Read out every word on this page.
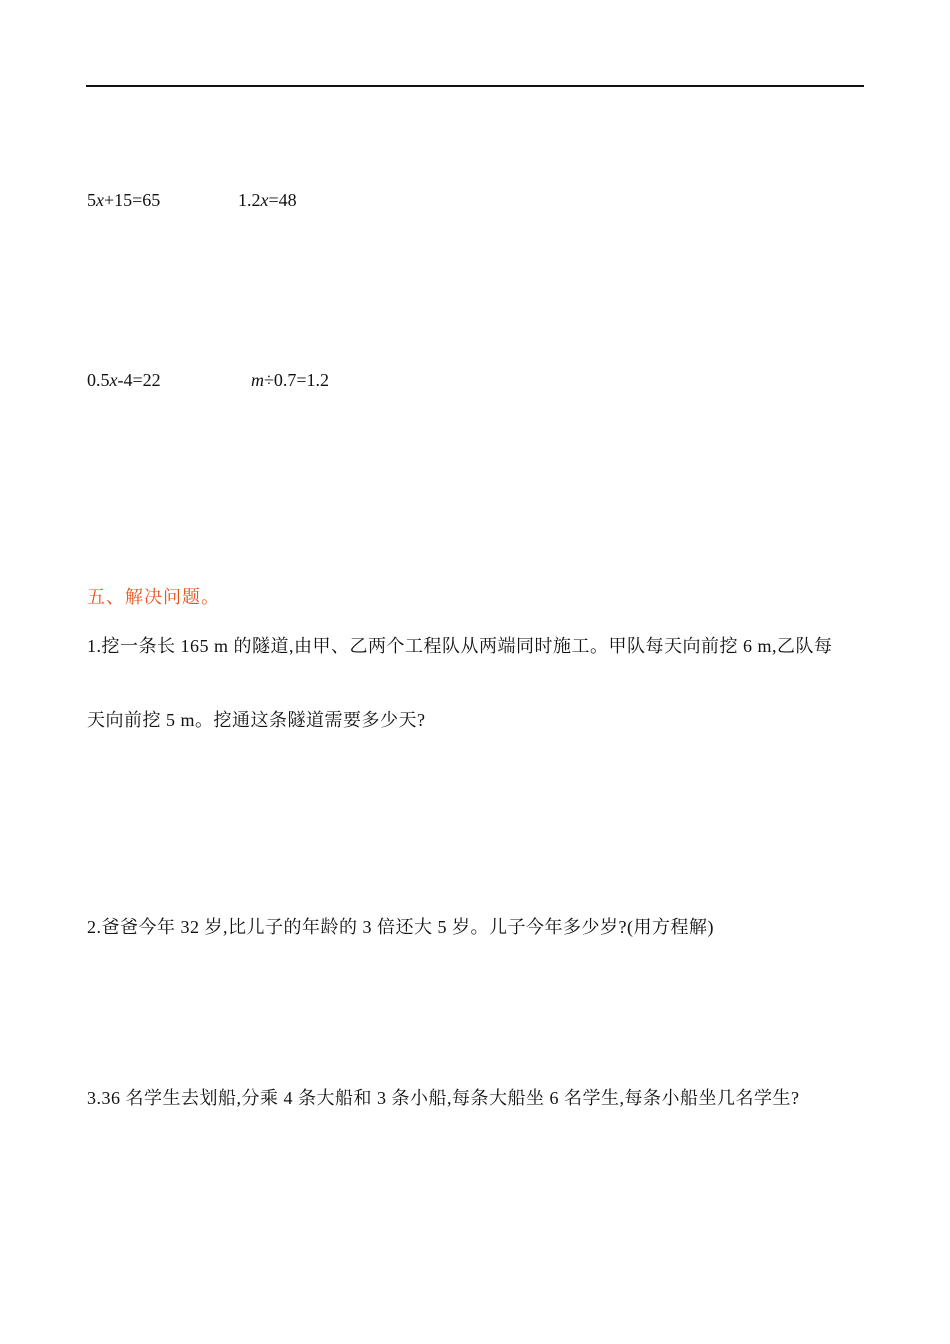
5x+15=65	1.2x=48
0.5x-4=22	m÷0.7=1.2
五、解决问题。
1.挖一条长 165 m 的隧道,由甲、乙两个工程队从两端同时施工。甲队每天向前挖 6 m,乙队每
天向前挖 5 m。挖通这条隧道需要多少天?
2.爸爸今年 32 岁,比儿子的年龄的 3 倍还大 5 岁。儿子今年多少岁?(用方程解)
3.36 名学生去划船,分乘 4 条大船和 3 条小船,每条大船坐 6 名学生,每条小船坐几名学生?
